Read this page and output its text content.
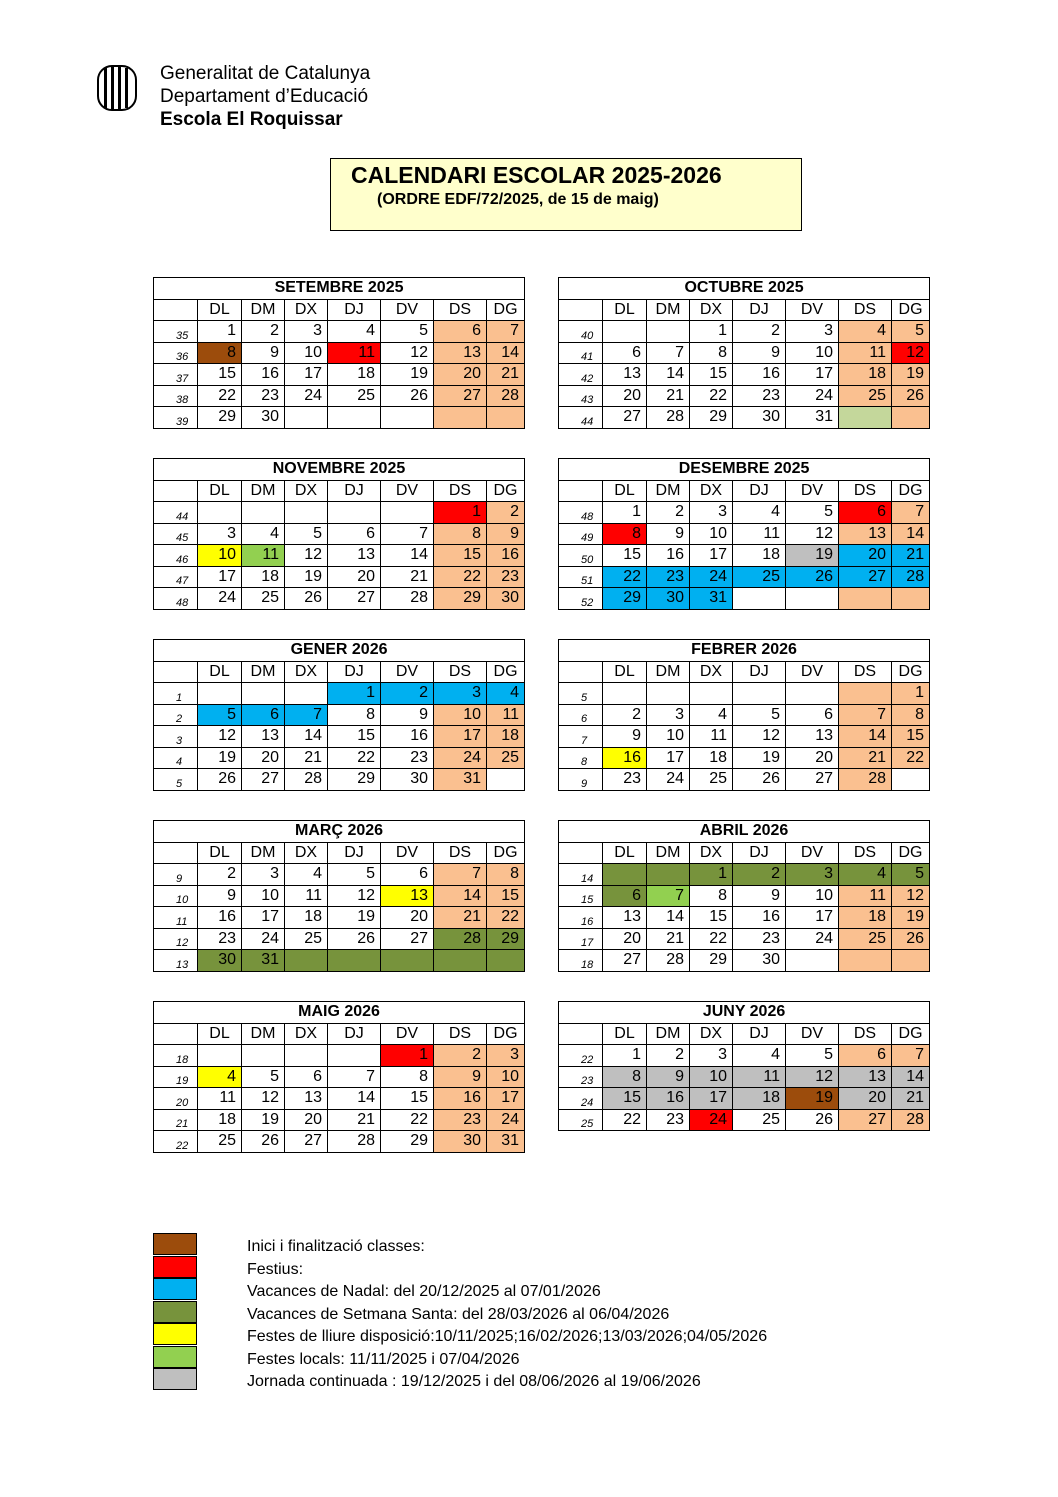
Generalitat de Catalunya
Departament d’Educació
Escola El Roquissar
CALENDARI ESCOLAR 2025-2026
(ORDRE EDF/72/2025, de 15 de maig)
SETEMBRE 2025							
	DL	DM	DX	DJ	DV	DS	DG
35	1	2	3	4	5	6	7
36	8	9	10	11	12	13	14
37	15	16	17	18	19	20	21
38	22	23	24	25	26	27	28
39	29	30					
OCTUBRE 2025							
	DL	DM	DX	DJ	DV	DS	DG
40			1	2	3	4	5
41	6	7	8	9	10	11	12
42	13	14	15	16	17	18	19
43	20	21	22	23	24	25	26
44	27	28	29	30	31		
NOVEMBRE 2025							
	DL	DM	DX	DJ	DV	DS	DG
44						1	2
45	3	4	5	6	7	8	9
46	10	11	12	13	14	15	16
47	17	18	19	20	21	22	23
48	24	25	26	27	28	29	30
DESEMBRE 2025							
	DL	DM	DX	DJ	DV	DS	DG
48	1	2	3	4	5	6	7
49	8	9	10	11	12	13	14
50	15	16	17	18	19	20	21
51	22	23	24	25	26	27	28
52	29	30	31				
GENER 2026							
	DL	DM	DX	DJ	DV	DS	DG
1				1	2	3	4
2	5	6	7	8	9	10	11
3	12	13	14	15	16	17	18
4	19	20	21	22	23	24	25
5	26	27	28	29	30	31	
FEBRER 2026							
	DL	DM	DX	DJ	DV	DS	DG
5							1
6	2	3	4	5	6	7	8
7	9	10	11	12	13	14	15
8	16	17	18	19	20	21	22
9	23	24	25	26	27	28	
MARÇ 2026							
	DL	DM	DX	DJ	DV	DS	DG
9	2	3	4	5	6	7	8
10	9	10	11	12	13	14	15
11	16	17	18	19	20	21	22
12	23	24	25	26	27	28	29
13	30	31					
ABRIL 2026							
	DL	DM	DX	DJ	DV	DS	DG
14			1	2	3	4	5
15	6	7	8	9	10	11	12
16	13	14	15	16	17	18	19
17	20	21	22	23	24	25	26
18	27	28	29	30			
MAIG 2026							
	DL	DM	DX	DJ	DV	DS	DG
18					1	2	3
19	4	5	6	7	8	9	10
20	11	12	13	14	15	16	17
21	18	19	20	21	22	23	24
22	25	26	27	28	29	30	31
JUNY 2026							
	DL	DM	DX	DJ	DV	DS	DG
22	1	2	3	4	5	6	7
23	8	9	10	11	12	13	14
24	15	16	17	18	19	20	21
25	22	23	24	25	26	27	28
Inici i finalització classes:
Festius:
Vacances de Nadal: del 20/12/2025 al 07/01/2026
Vacances de Setmana Santa: del 28/03/2026 al 06/04/2026
Festes de lliure disposició:10/11/2025;16/02/2026;13/03/2026;04/05/2026
Festes locals: 11/11/2025 i 07/04/2026
Jornada continuada : 19/12/2025 i del 08/06/2026 al 19/06/2026
